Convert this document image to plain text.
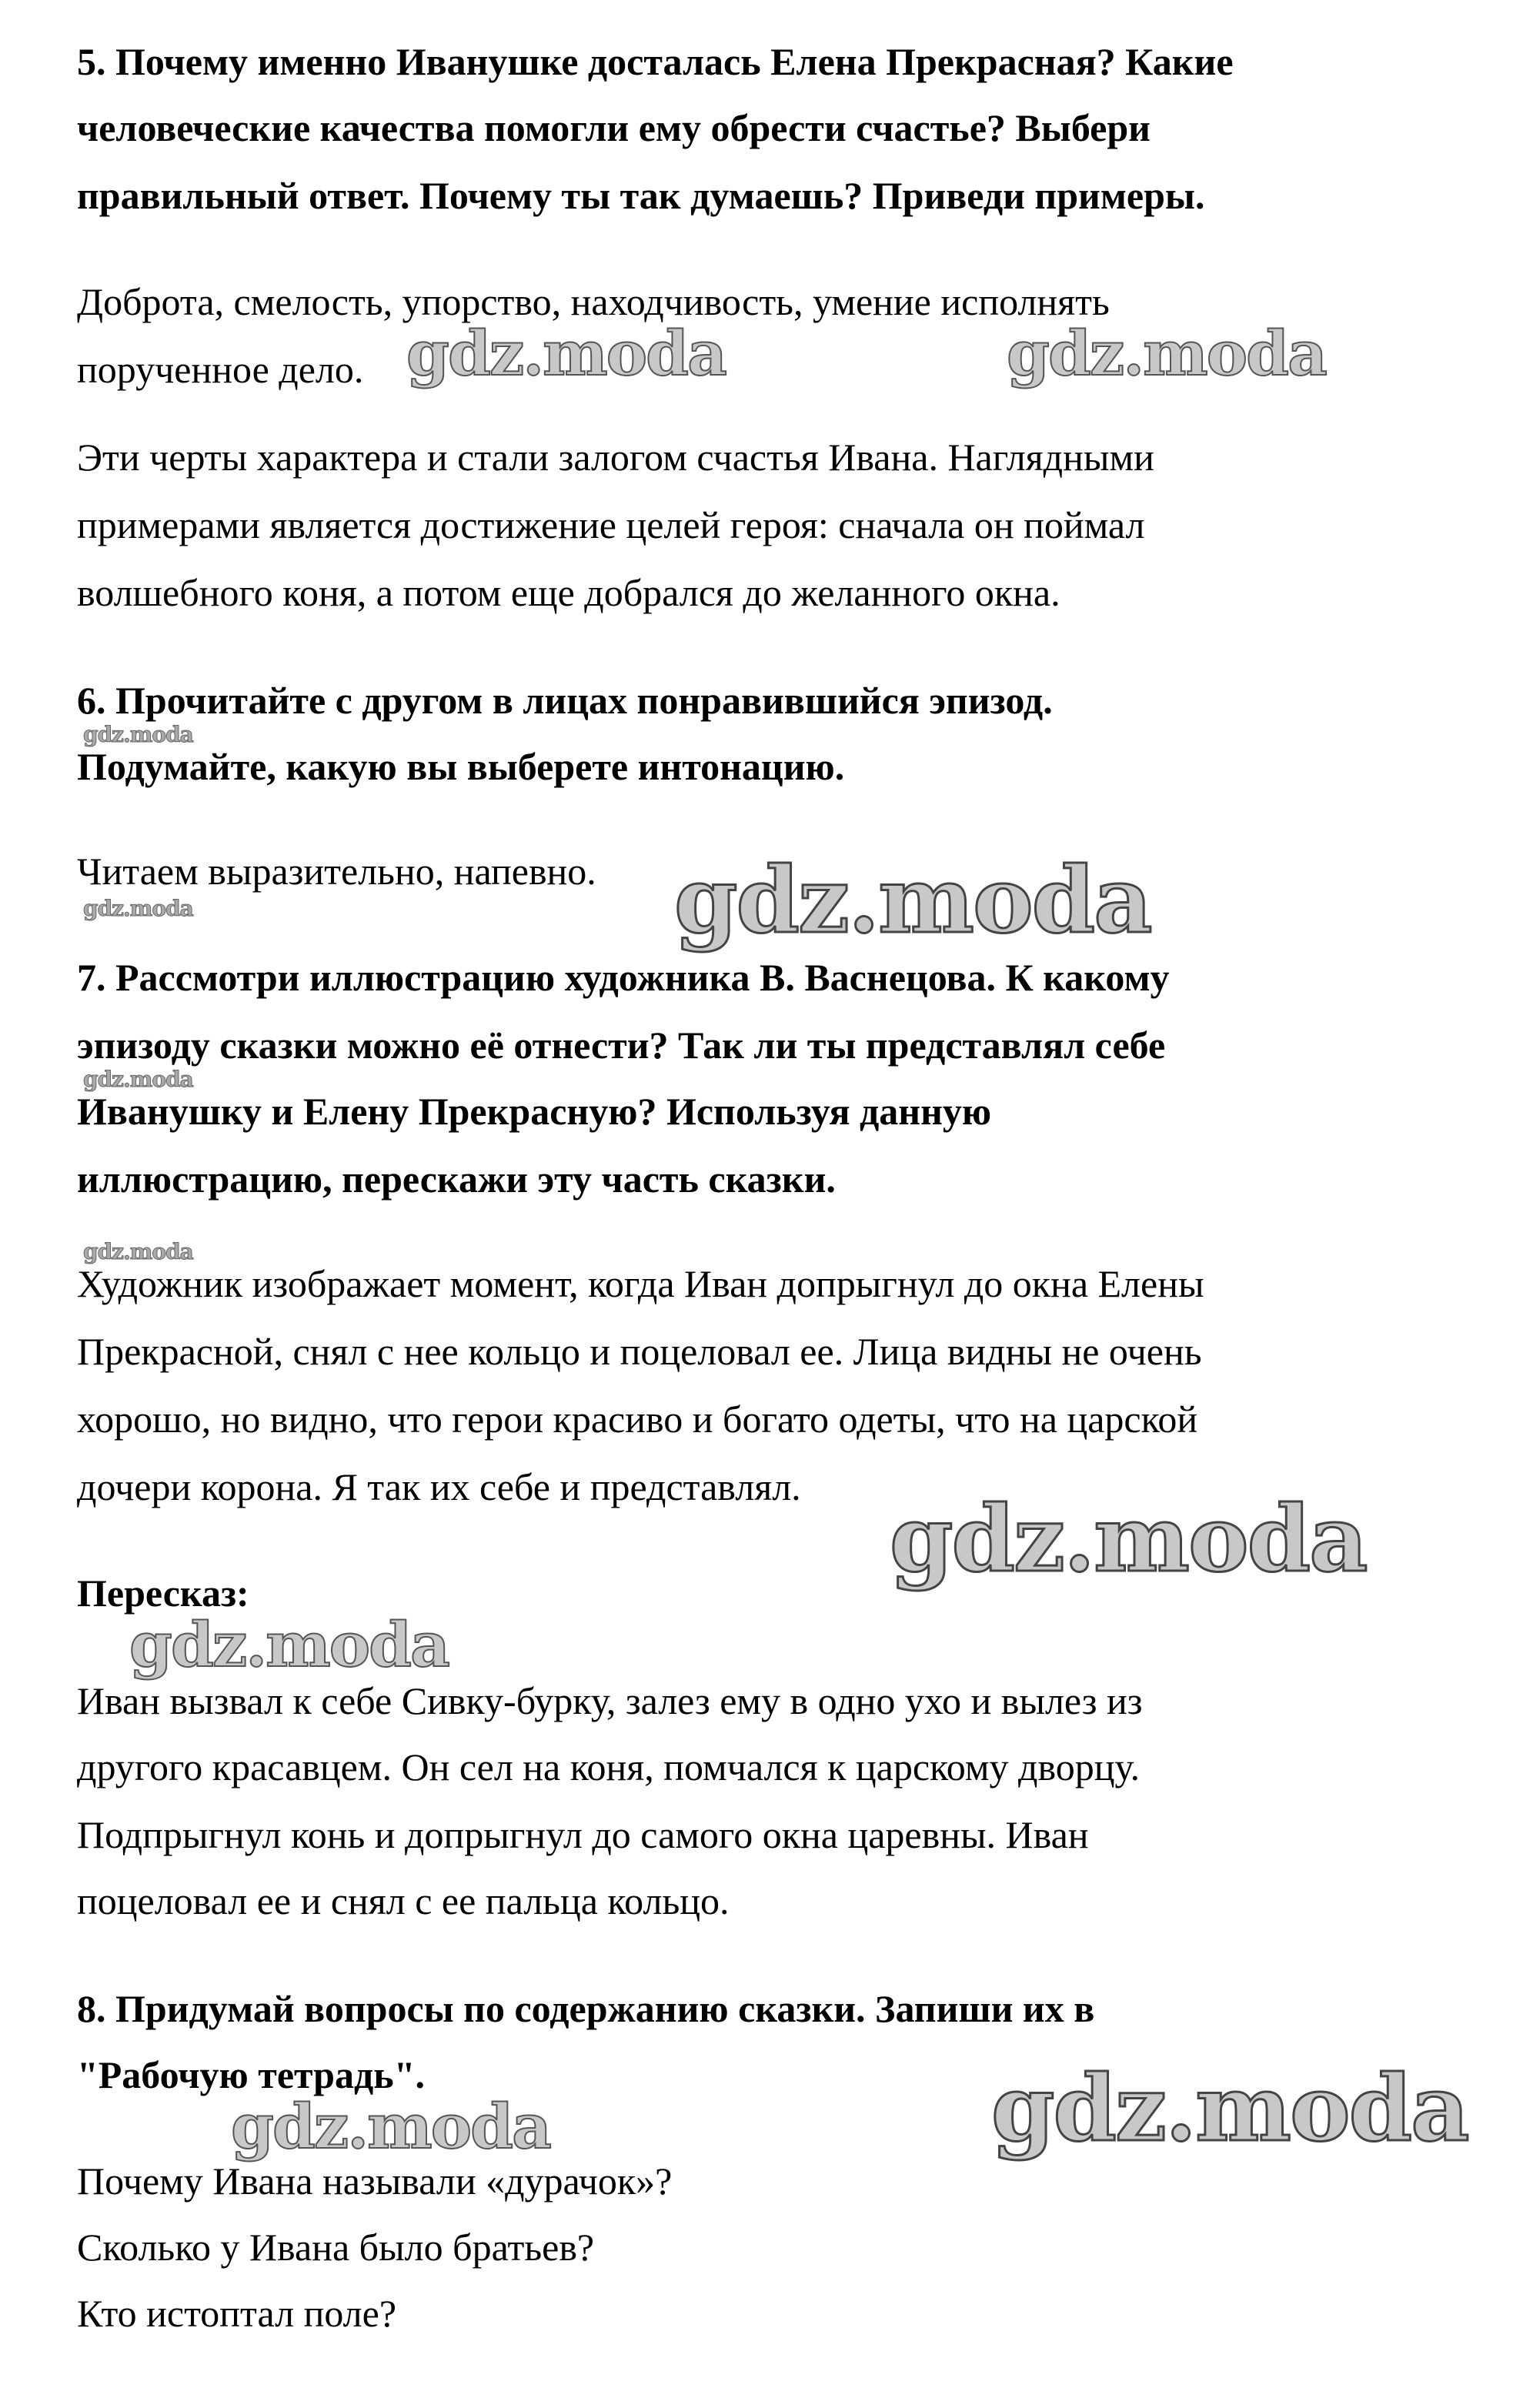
5. Почему именно Иванушке досталась Елена Прекрасная? Какие
человеческие качества помогли ему обрести счастье? Выбери
правильный ответ. Почему ты так думаешь? Приведи примеры.
Доброта, смелость, упорство, находчивость, умение исполнять
порученное дело.
Эти черты характера и стали залогом счастья Ивана. Наглядными
примерами является достижение целей героя: сначала он поймал
волшебного коня, а потом еще добрался до желанного окна.
6. Прочитайте с другом в лицах понравившийся эпизод.
Подумайте, какую вы выберете интонацию.
Читаем выразительно, напевно.
7. Рассмотри иллюстрацию художника В. Васнецова. К какому
эпизоду сказки можно её отнести? Так ли ты представлял себе
Иванушку и Елену Прекрасную? Используя данную
иллюстрацию, перескажи эту часть сказки.
Художник изображает момент, когда Иван допрыгнул до окна Елены
Прекрасной, снял с нее кольцо и поцеловал ее. Лица видны не очень
хорошо, но видно, что герои красиво и богато одеты, что на царской
дочери корона. Я так их себе и представлял.
Пересказ:
Иван вызвал к себе Сивку-бурку, залез ему в одно ухо и вылез из
другого красавцем. Он сел на коня, помчался к царскому дворцу.
Подпрыгнул конь и допрыгнул до самого окна царевны. Иван
поцеловал ее и снял с ее пальца кольцо.
8. Придумай вопросы по содержанию сказки. Запиши их в
"Рабочую тетрадь".
Почему Ивана называли «дурачок»?
Сколько у Ивана было братьев?
Кто истоптал поле?
gdz.moda	gdz.moda
gdz.moda
gdz.moda	gdz.moda
gdz.moda
gdz.moda
gdz.moda
gdz.moda
gdz.moda	gdz.moda
